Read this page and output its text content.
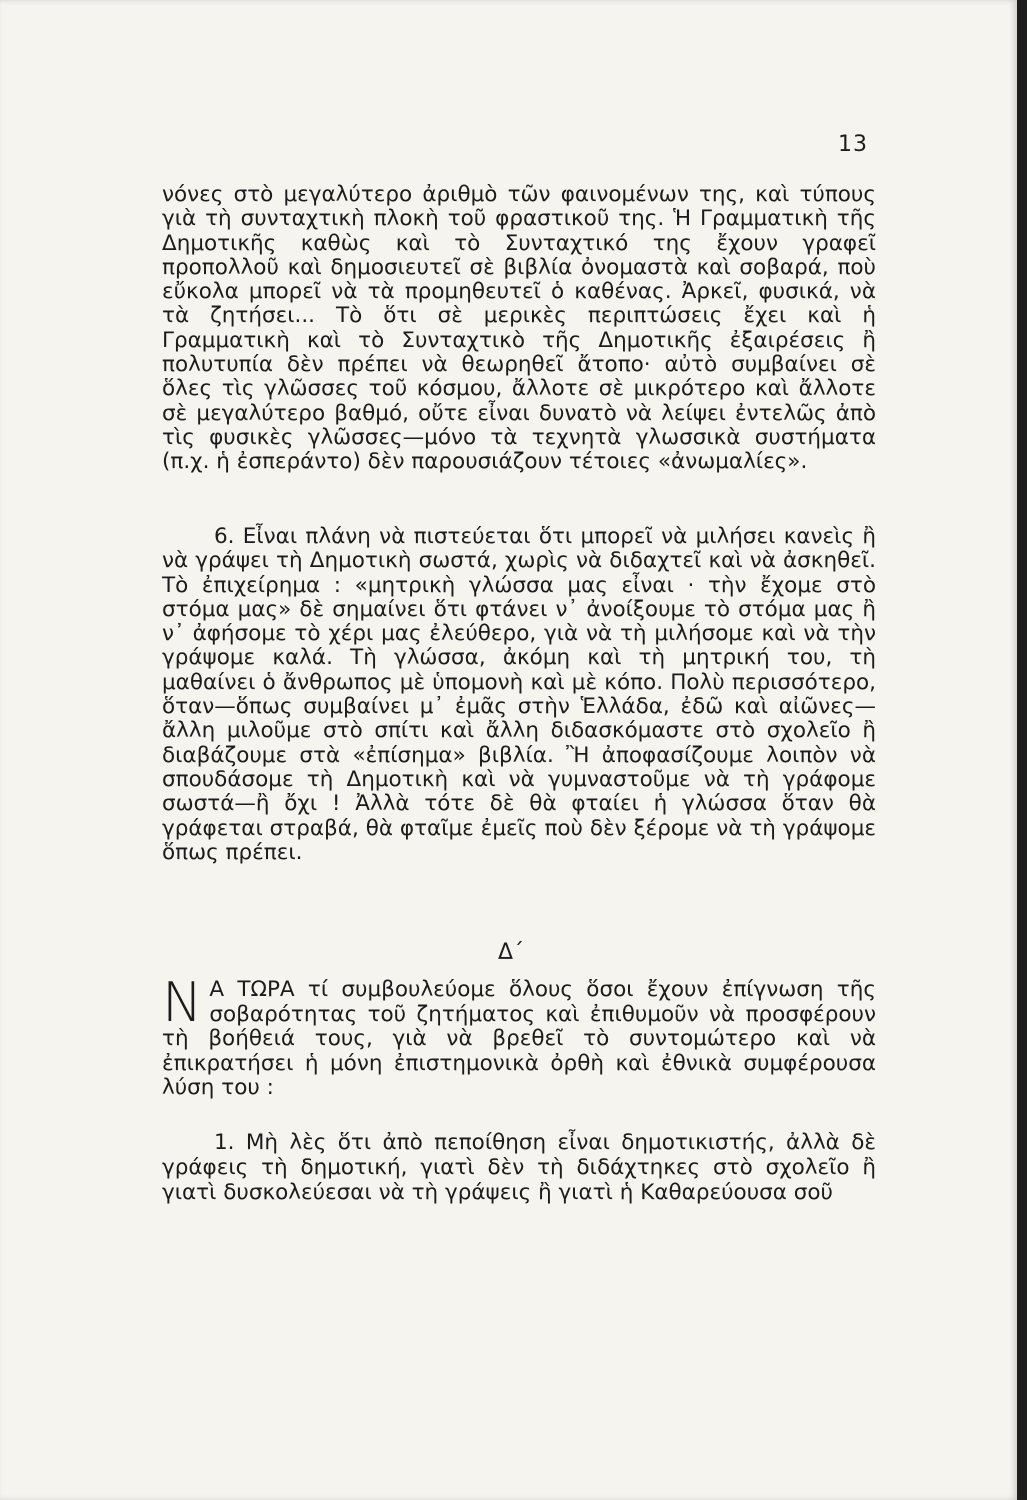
13
νόνες στὸ μεγαλύτερο ἀριθμὸ τῶν φαινομένων της, καὶ τύπους γιὰ τὴ συνταχτικὴ πλοκὴ τοῦ φραστικοῦ της. Ἡ Γραμματικὴ τῆς Δημοτικῆς καθὼς καὶ τὸ Συνταχτικό της ἔχουν γραφεῖ προπολλοῦ καὶ δημοσιευτεῖ σὲ βιβλία ὀνομαστὰ καὶ σοβαρά, ποὺ εὔκολα μπορεῖ νὰ τὰ προμηθευτεῖ ὁ καθένας. Ἀρκεῖ, φυσικά, νὰ τὰ ζητήσει... Τὸ ὅτι σὲ μερικὲς περιπτώσεις ἔχει καὶ ἡ Γραμματικὴ καὶ τὸ Συνταχτικὸ τῆς Δημοτικῆς ἐξαιρέσεις ἢ πολυτυπία δὲν πρέπει νὰ θεωρηθεῖ ἄτοπο· αὐτὸ συμβαίνει σὲ ὅλες τὶς γλῶσσες τοῦ κόσμου, ἄλλοτε σὲ μικρότερο καὶ ἄλλοτε σὲ μεγαλύτερο βαθμό, οὔτε εἶναι δυνατὸ νὰ λείψει ἐντελῶς ἀπὸ τὶς φυσικὲς γλῶσσες—μόνο τὰ τεχνητὰ γλωσσικὰ συστήματα (π.χ. ἡ ἐσπεράντο) δὲν παρουσιάζουν τέτοιες «ἀνωμαλίες».
6. Εἶναι πλάνη νὰ πιστεύεται ὅτι μπορεῖ νὰ μιλήσει κανεὶς ἢ νὰ γράψει τὴ Δημοτικὴ σωστά, χωρὶς νὰ διδαχτεῖ καὶ νὰ ἀσκηθεῖ. Τὸ ἐπιχείρημα : «μητρικὴ γλώσσα μας εἶναι · τὴν ἔχομε στὸ στόμα μας» δὲ σημαίνει ὅτι φτάνει ν᾽ ἀνοίξουμε τὸ στόμα μας ἢ ν᾽ ἀφήσομε τὸ χέρι μας ἐλεύθερο, γιὰ νὰ τὴ μιλήσομε καὶ νὰ τὴν γράψομε καλά. Τὴ γλώσσα, ἀκόμη καὶ τὴ μητρική του, τὴ μαθαίνει ὁ ἄνθρωπος μὲ ὑπομονὴ καὶ μὲ κόπο. Πολὺ περισσότερο, ὅταν—ὅπως συμβαίνει μ᾽ ἐμᾶς στὴν Ἑλλάδα, ἐδῶ καὶ αἰῶνες—ἄλλη μιλοῦμε στὸ σπίτι καὶ ἄλλη διδασκόμαστε στὸ σχολεῖο ἢ διαβάζουμε στὰ «ἐπίσημα» βιβλία. Ἢ ἀποφασίζουμε λοιπὸν νὰ σπουδάσομε τὴ Δημοτικὴ καὶ νὰ γυμναστοῦμε νὰ τὴ γράφομε σωστά—ἢ ὄχι ! Ἀλλὰ τότε δὲ θὰ φταίει ἡ γλώσσα ὅταν θὰ γράφεται στραβά, θὰ φταῖμε ἐμεῖς ποὺ δὲν ξέρομε νὰ τὴ γράψομε ὅπως πρέπει.
Δ΄
Ν Α ΤΩΡΑ τί συμβουλεύομε ὅλους ὅσοι ἔχουν ἐπίγνωση τῆς σοβαρότητας τοῦ ζητήματος καὶ ἐπιθυμοῦν νὰ προσφέρουν τὴ βοήθειά τους, γιὰ νὰ βρεθεῖ τὸ συντομώτερο καὶ νὰ ἐπικρατήσει ἡ μόνη ἐπιστημονικὰ ὀρθὴ καὶ ἐθνικὰ συμφέρουσα λύση του :
1. Μὴ λὲς ὅτι ἀπὸ πεποίθηση εἶναι δημοτικιστής, ἀλλὰ δὲ γράφεις τὴ δημοτική, γιατὶ δὲν τὴ διδάχτηκες στὸ σχολεῖο ἢ γιατὶ δυσκολεύεσαι νὰ τὴ γράψεις ἢ γιατὶ ἡ Καθαρεύουσα σοῦ
